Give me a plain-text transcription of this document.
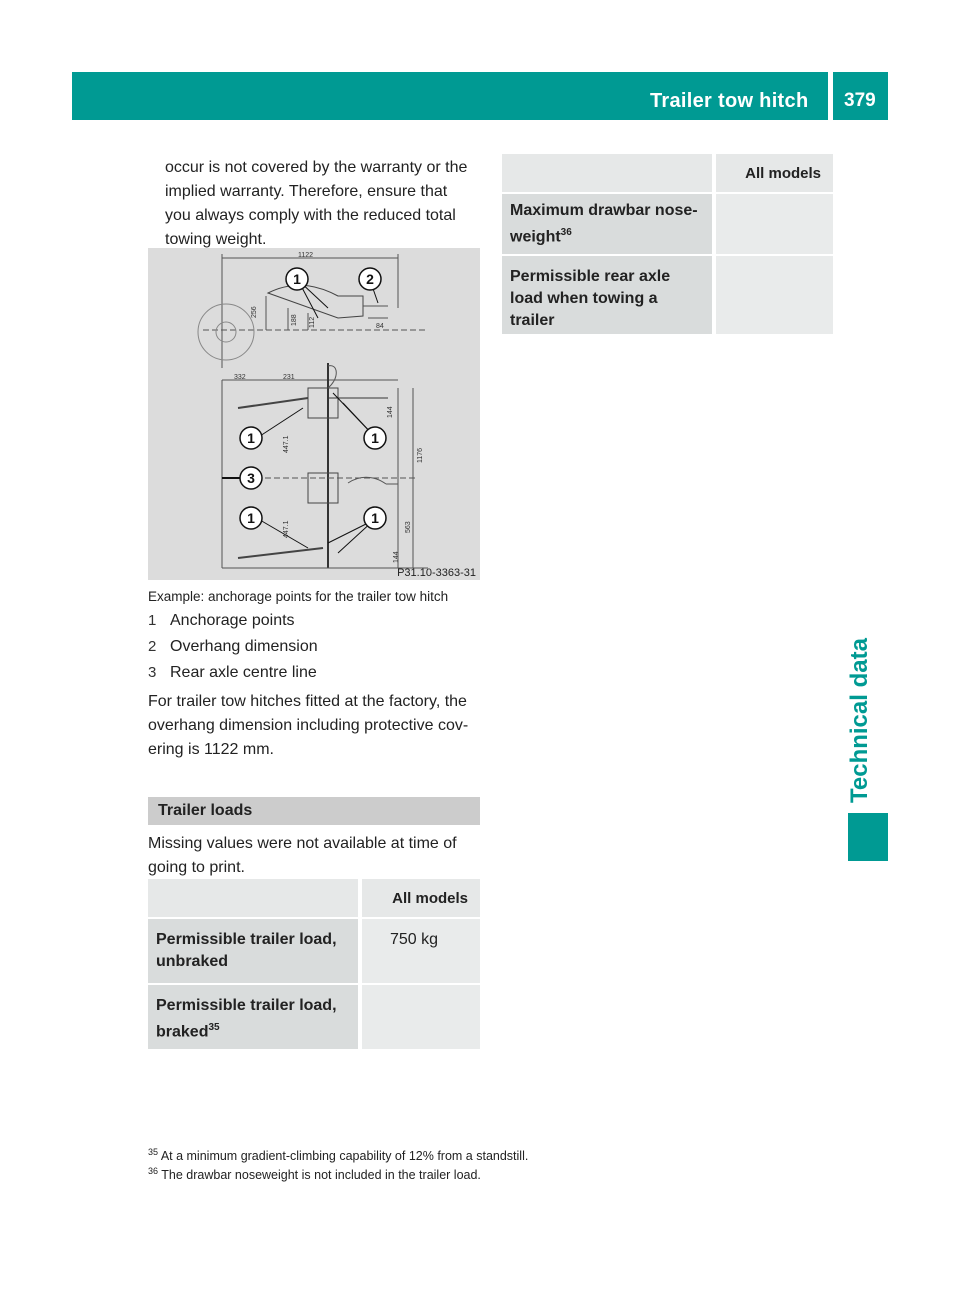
Trailer tow hitch 379
Technical data
occur is not covered by the warranty or the
implied warranty. Therefore, ensure that
you always comply with the reduced total
towing weight.
1122
332	231
256
188 112	84
144
447.1
1176
447.1	563
144
1	2
1	1
3
1	1
P31.10-3363-31
Example: anchorage points for the trailer tow hitch
1 Anchorage points
2 Overhang dimension
3 Rear axle centre line
For trailer tow hitches fitted at the factory, the
overhang dimension including protective cov-
ering is 1122 mm.
Trailer loads
Missing values were not available at time of
going to print.
		All models

Permissible trailer load,
unbraked		750 kg

Permissible trailer load,
braked$^{35}$

		All models

Maximum drawbar nose-
weight$^{36}$

Permissible rear axle
load when towing a trailer		

$^{35}$ At a minimum gradient-climbing capability of 12% from a standstill.
$^{36}$ The drawbar noseweight is not included in the trailer load.
